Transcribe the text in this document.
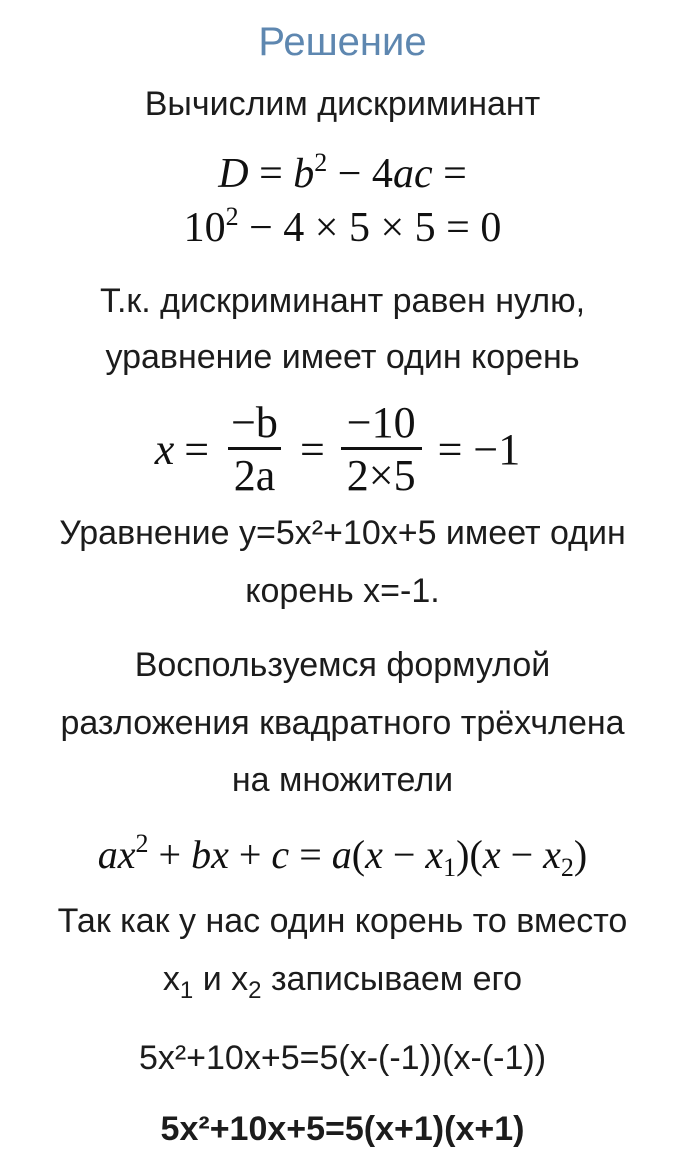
Решение
Вычислим дискриминант
$D = b^2 - 4ac$ =
$10^2 - 4 \times 5 \times 5 = 0$
Т.к. дискриминант равен нулю,
уравнение имеет один корень
$x = \frac{-b}{2a} = \frac{-10}{2\times 5} = -1$
Уравнение y=5x²+10x+5 имеет один
корень x=-1.
Воспользуемся формулой
разложения квадратного трёхчлена
на множители
$ax^2$ + bx + $c = a(x - x_1)(x - x_2)$
Так как у нас один корень то вместо
$x_1$ и $x_2$ записываем его
5x²+10x+5=5(x-(-1))(x-(-1))
5x²+10x+5=5(x+1)(x+1)
